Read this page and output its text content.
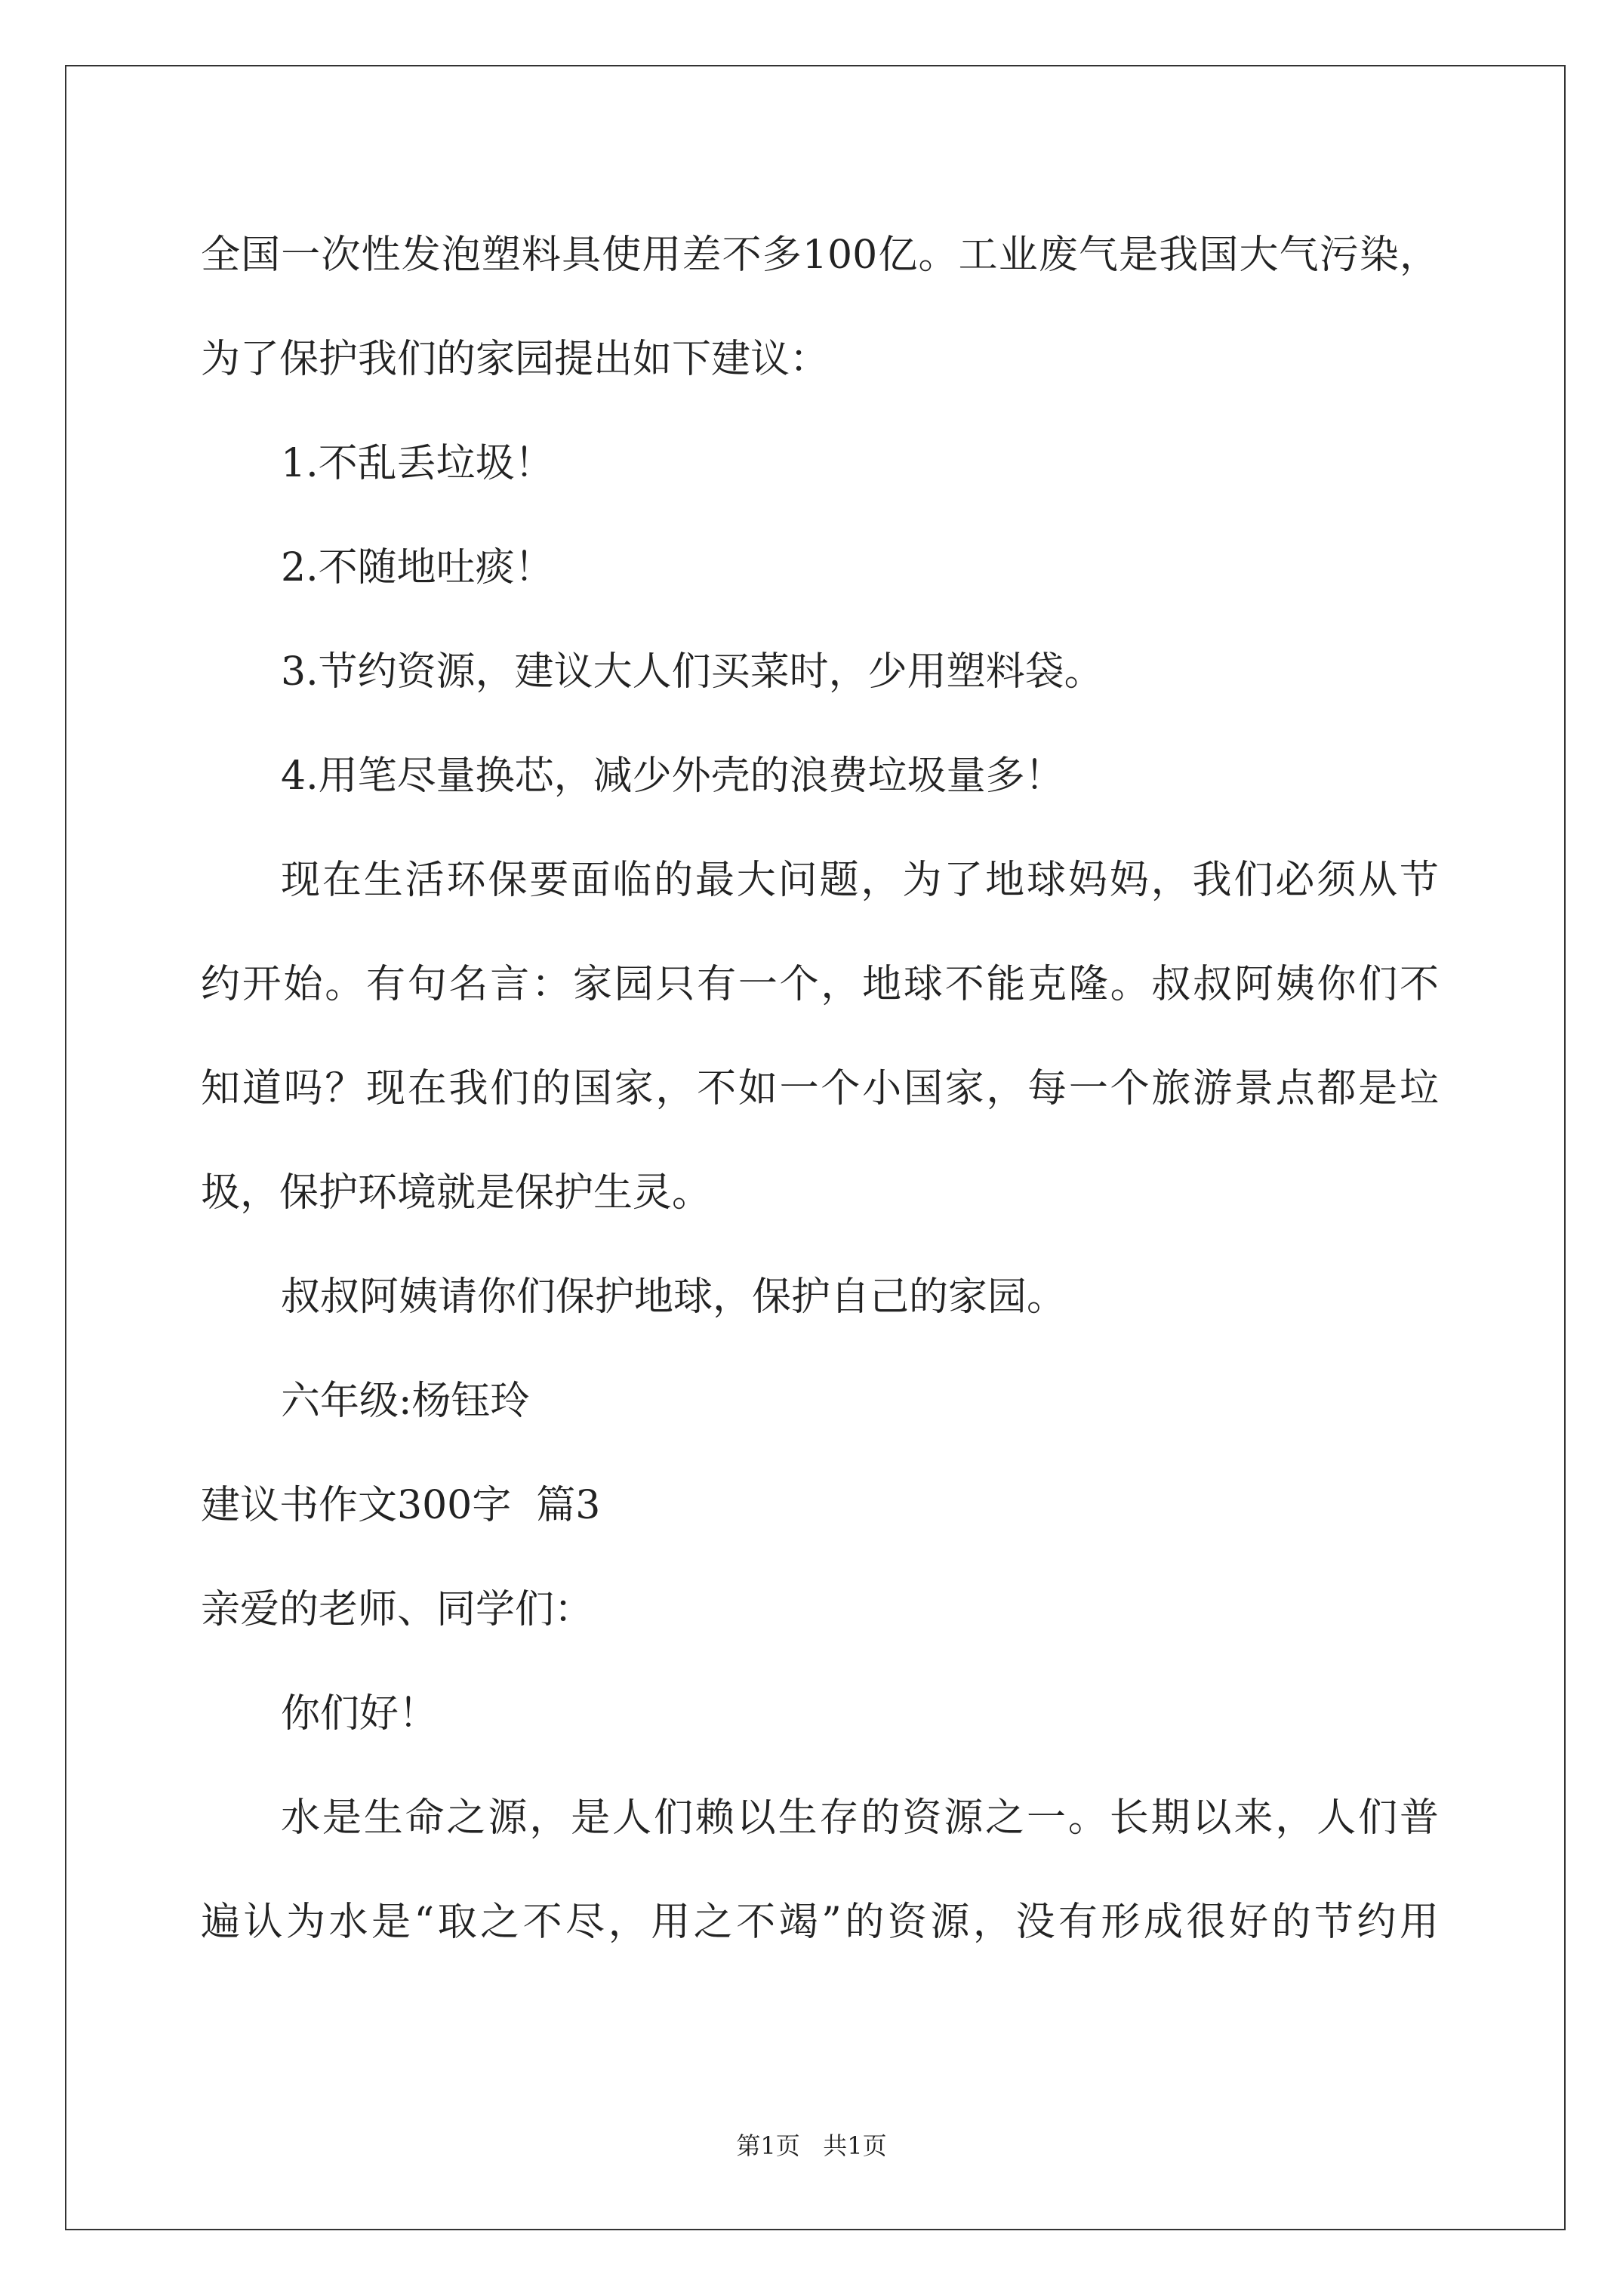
全国一次性发泡塑料具使用差不多100亿。工业废气是我国大气污染，
为了保护我们的家园提出如下建议：
1.不乱丢垃圾！
2.不随地吐痰！
3.节约资源，建议大人们买菜时，少用塑料袋。
4.用笔尽量换芯，减少外壳的浪费垃圾量多！
现在生活环保要面临的最大问题，为了地球妈妈，我们必须从节
约开始。有句名言：家园只有一个，地球不能克隆。叔叔阿姨你们不
知道吗？现在我们的国家，不如一个小国家，每一个旅游景点都是垃
圾，保护环境就是保护生灵。
叔叔阿姨请你们保护地球，保护自己的家园。
六年级:杨钰玲
建议书作文300字  篇3
亲爱的老师、同学们：
你们好！
水是生命之源，是人们赖以生存的资源之一。长期以来，人们普
遍认为水是“取之不尽，用之不竭”的资源，没有形成很好的节约用
第1页   共1页
